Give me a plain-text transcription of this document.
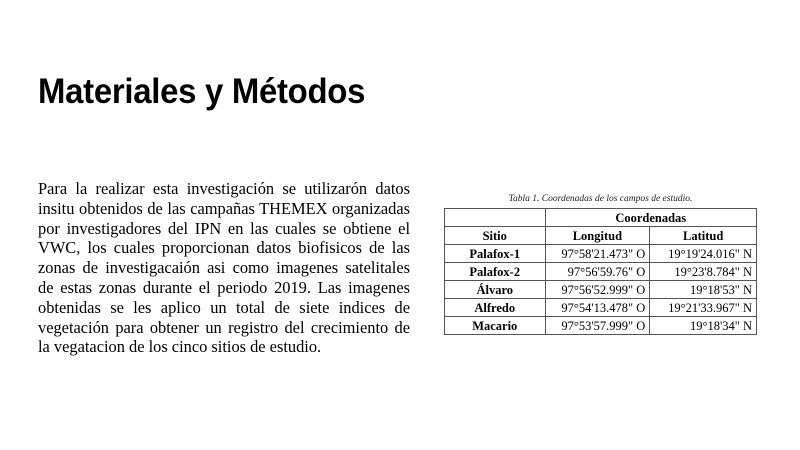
Materiales y Métodos

Para la realizar esta investigación se utilizarón datos insitu obtenidos de las campañas THEMEX organizadas por investigadores del IPN en las cuales se obtiene el VWC, los cuales proporcionan datos biofisicos de las zonas de investigacaión asi como imagenes satelitales de estas zonas durante el periodo 2019. Las imagenes obtenidas se les aplico un total de siete indices de vegetación para obtener un registro del crecimiento de la vegatacion de los cinco sitios de estudio.

Tabla 1. Coordenadas de los campos de estudio.
	Coordenadas	
Sitio	Longitud	Latitud
Palafox-1	97°58'21.473" O	19°19'24.016" N
Palafox-2	97°56'59.76" O	19°23'8.784" N
Álvaro	97°56'52.999" O	19°18'53" N
Alfredo	97°54'13.478" O	19°21'33.967" N
Macario	97°53'57.999" O	19°18'34" N
